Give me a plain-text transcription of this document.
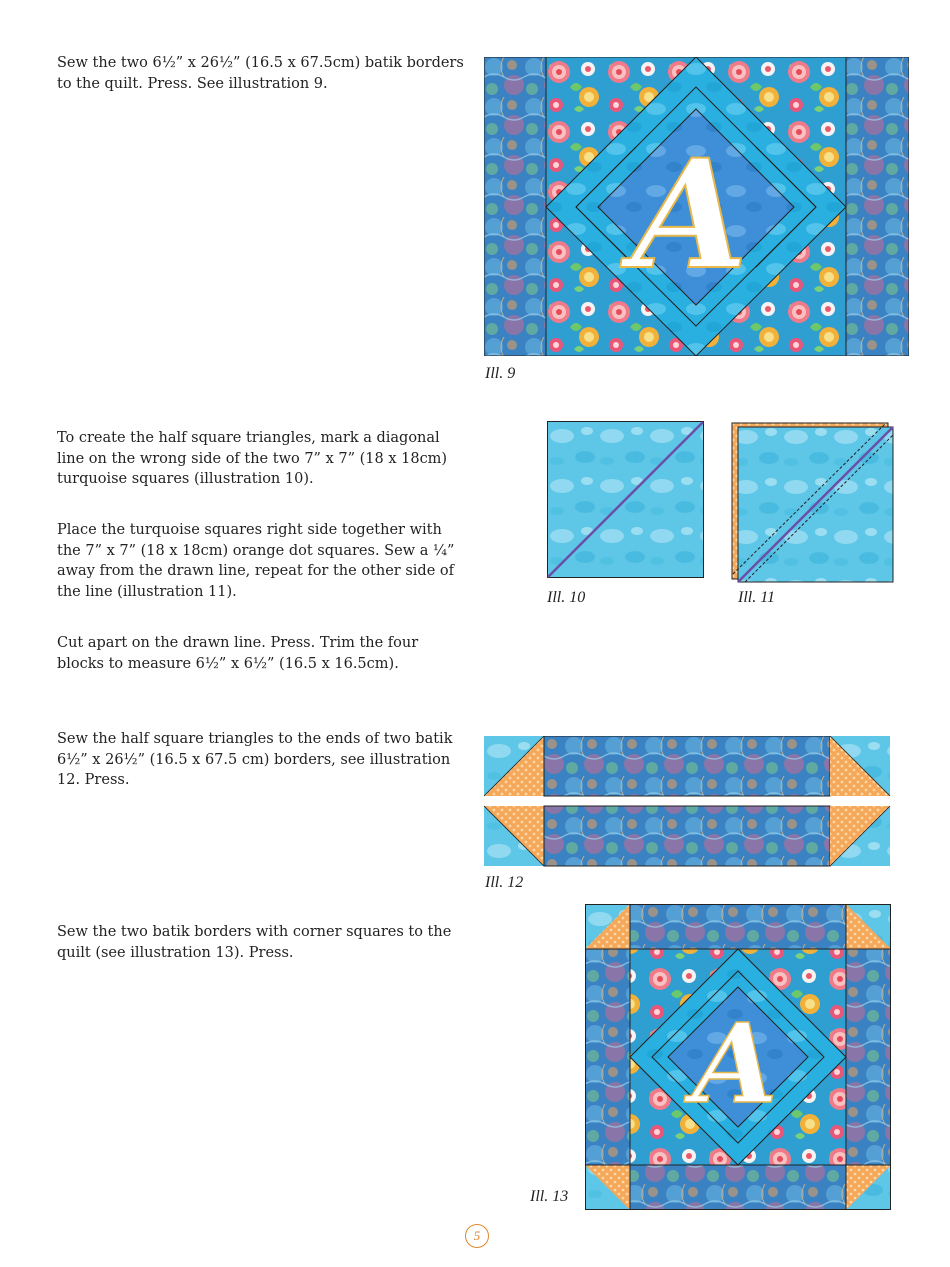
Sew the two 6½” x 26½” (16.5 x 67.5cm) batik borders to the quilt. Press. See illustration 9.

A
Ill. 9

To create the half square triangles, mark a diagonal line on the wrong side of the two 7” x 7” (18 x 18cm) turquoise squares (illustration 10).

Place the turquoise squares right side together with the 7” x 7” (18 x 18cm) orange dot squares. Sew a ¼” away from the drawn line, repeat for the other side of the line (illustration 11).	Ill. 10	Ill. 11

Cut apart on the drawn line. Press. Trim the four blocks to measure 6½” x 6½” (16.5 x 16.5cm).

Sew the half square triangles to the ends of two batik 6½” x 26½” (16.5 x 67.5 cm) borders, see illustration 12. Press.

Ill. 12

Sew the two batik borders with corner squares to the quilt (see illustration 13). Press.

A
Ill. 13
5
